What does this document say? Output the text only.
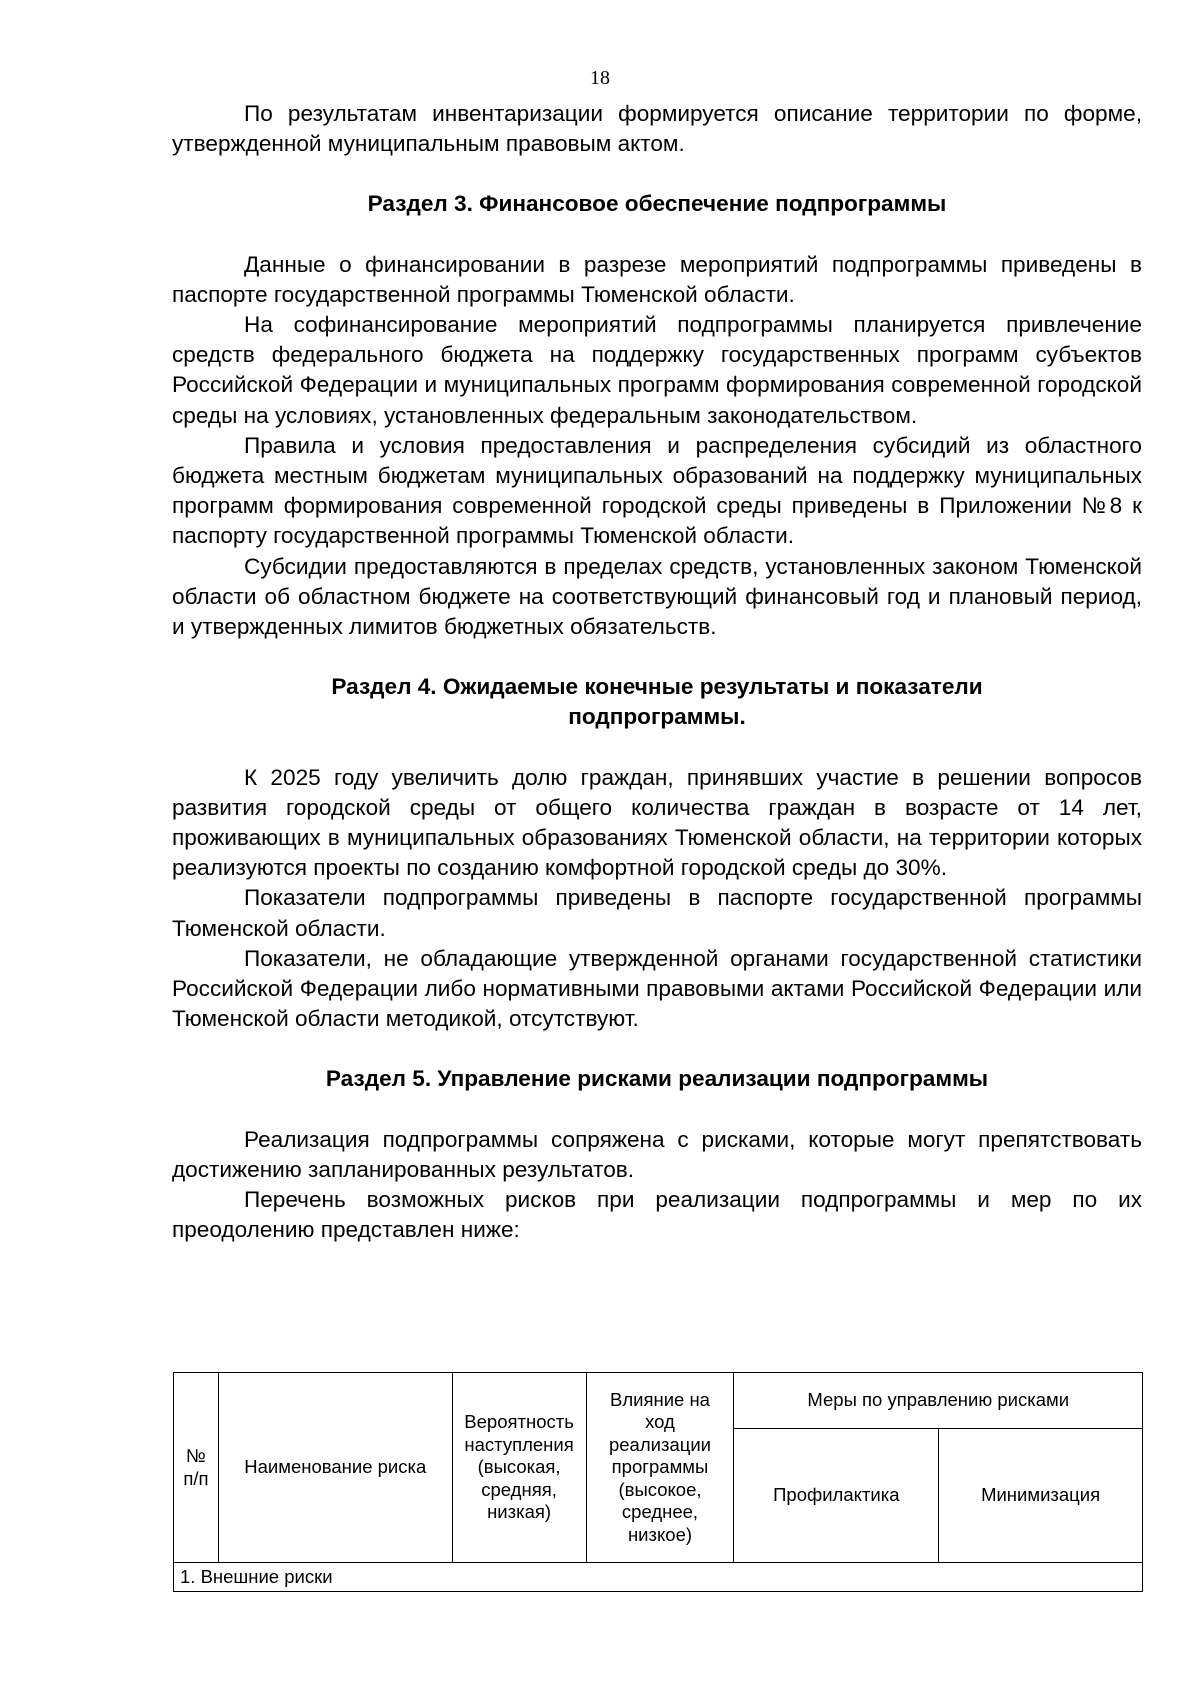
18

По результатам инвентаризации формируется описание территории по форме, утвержденной муниципальным правовым актом.

Раздел 3. Финансовое обеспечение подпрограммы

Данные о финансировании в разрезе мероприятий подпрограммы приведены в паспорте государственной программы Тюменской области.

На софинансирование мероприятий подпрограммы планируется привлечение средств федерального бюджета на поддержку государственных программ субъектов Российской Федерации и муниципальных программ формирования современной городской среды на условиях, установленных федеральным законодательством.

Правила и условия предоставления и распределения субсидий из областного бюджета местным бюджетам муниципальных образований на поддержку муниципальных программ формирования современной городской среды приведены в Приложении №8 к паспорту государственной программы Тюменской области.

Субсидии предоставляются в пределах средств, установленных законом Тюменской области об областном бюджете на соответствующий финансовый год и плановый период, и утвержденных лимитов бюджетных обязательств.

Раздел 4. Ожидаемые конечные результаты и показатели

подпрограммы.

К 2025 году увеличить долю граждан, принявших участие в решении вопросов развития городской среды от общего количества граждан в возрасте от 14 лет, проживающих в муниципальных образованиях Тюменской области, на территории которых реализуются проекты по созданию комфортной городской среды до 30%.

Показатели подпрограммы приведены в паспорте государственной программы Тюменской области.

Показатели, не обладающие утвержденной органами государственной статистики Российской Федерации либо нормативными правовыми актами Российской Федерации или Тюменской области методикой, отсутствуют.

Раздел 5. Управление рисками реализации подпрограммы

Реализация подпрограммы сопряжена с рисками, которые могут препятствовать достижению запланированных результатов.

Перечень возможных рисков при реализации подпрограммы и мер по их преодолению представлен ниже:

№ п/п	Наименование риска	Вероятность наступления (высокая, средняя, низкая)	Влияние на ход реализации программы (высокое, среднее, низкое)	Меры по управлению рисками	
				Профилактика	Минимизация
1. Внешние риски					
